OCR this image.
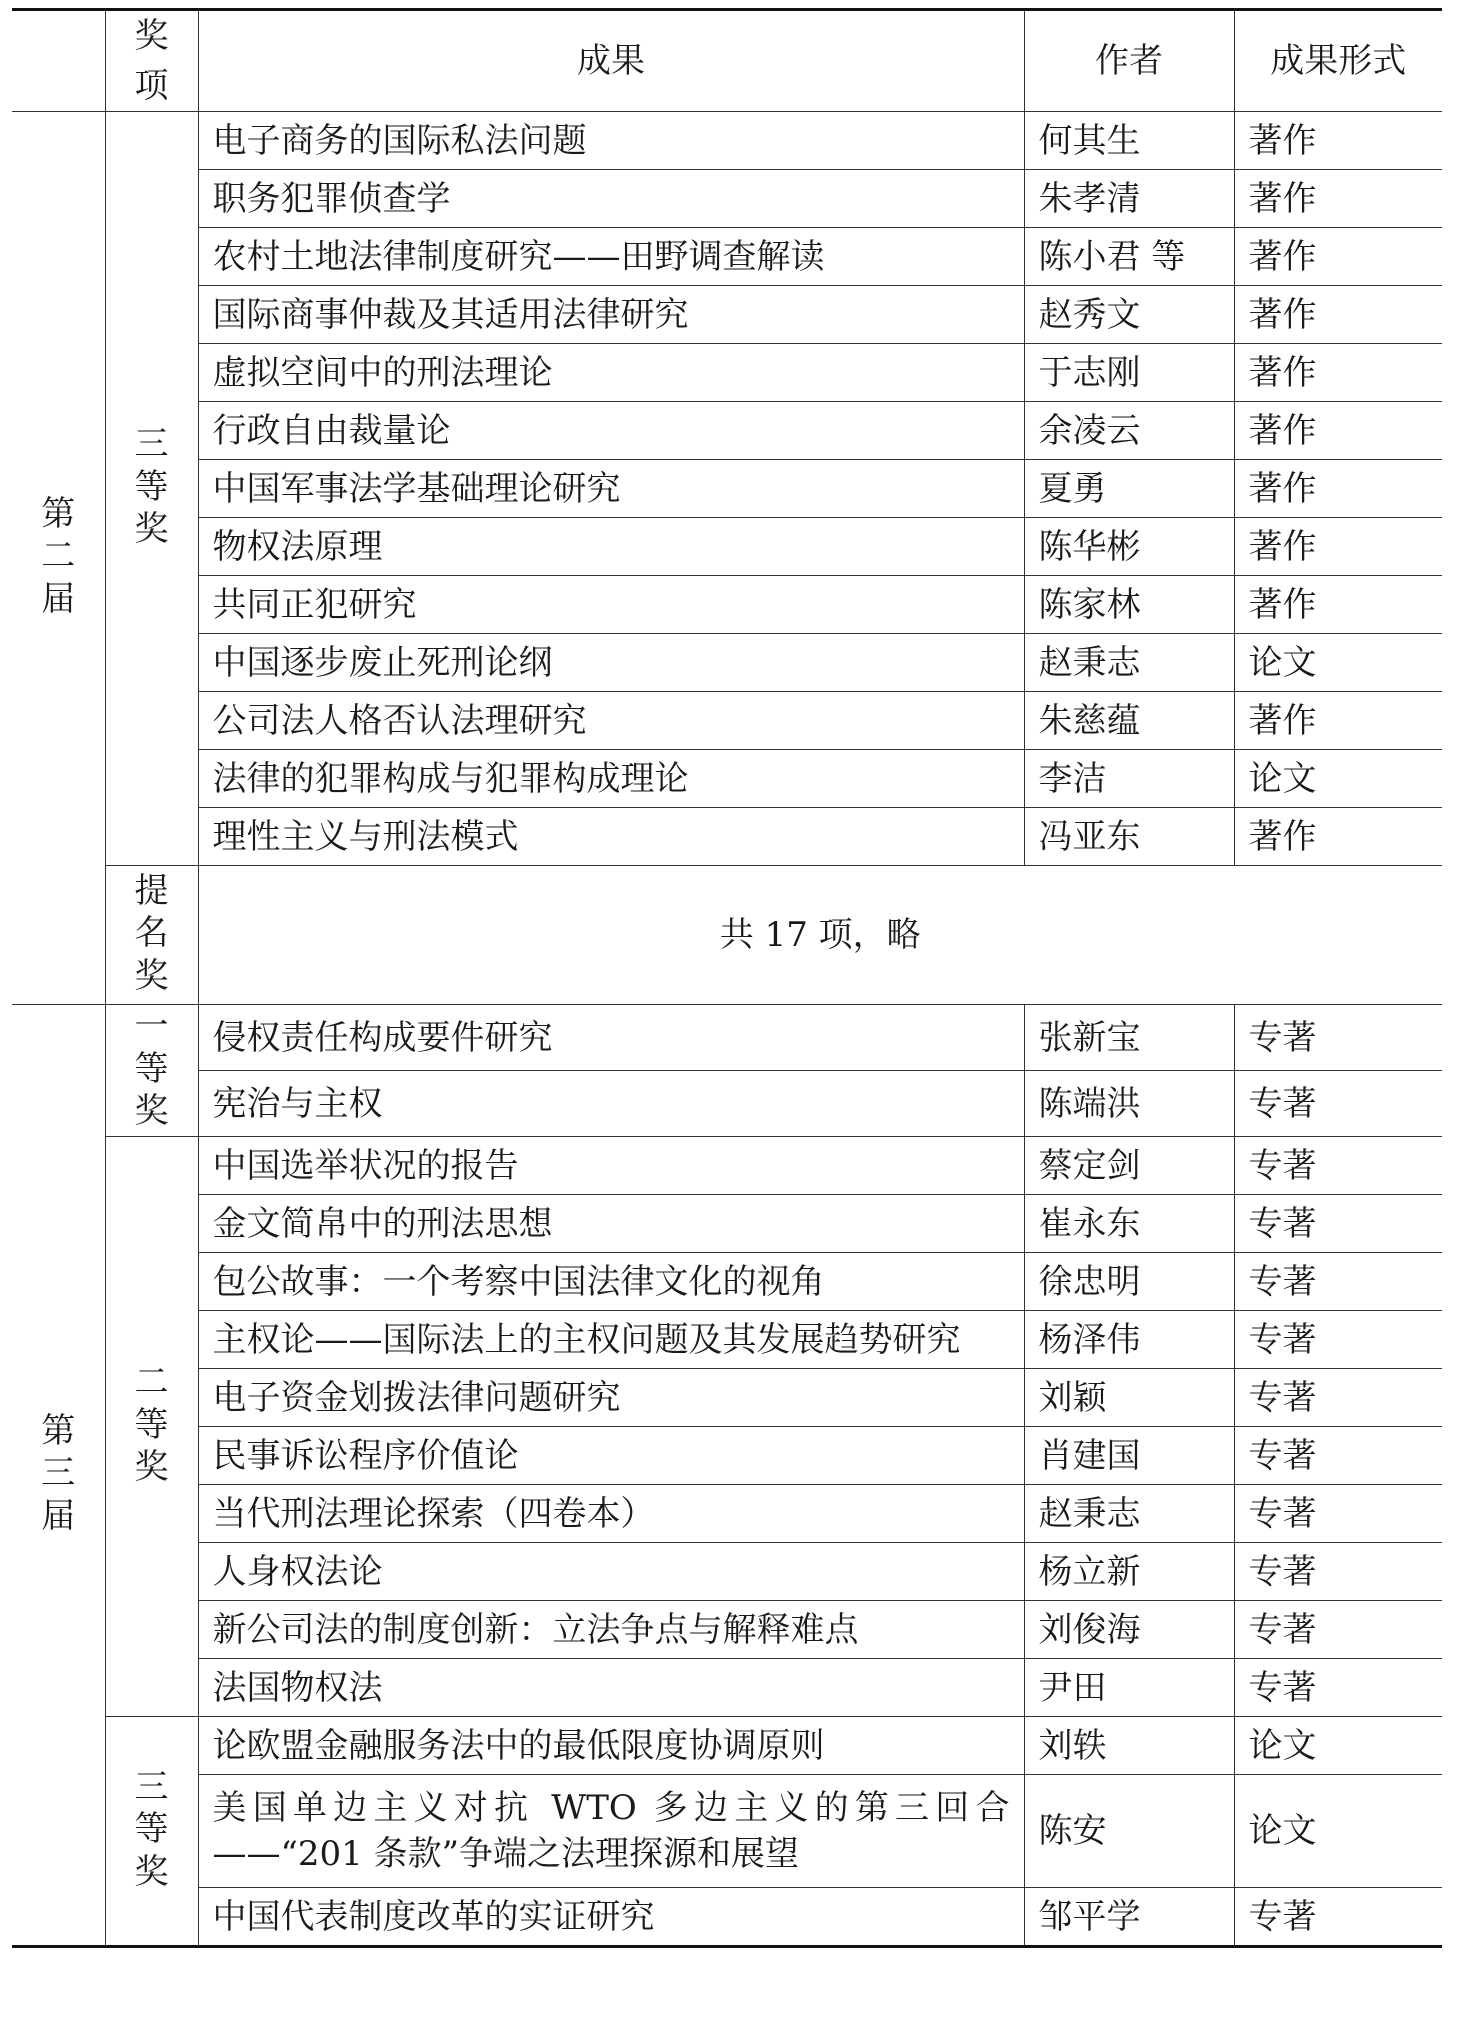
	奖项	成果	作者	成果形式
第二届	三等奖	电子商务的国际私法问题	何其生	著作
		职务犯罪侦查学	朱孝清	著作
		农村土地法律制度研究——田野调查解读	陈小君 等	著作
		国际商事仲裁及其适用法律研究	赵秀文	著作
		虚拟空间中的刑法理论	于志刚	著作
		行政自由裁量论	余凌云	著作
		中国军事法学基础理论研究	夏勇	著作
		物权法原理	陈华彬	著作
		共同正犯研究	陈家林	著作
		中国逐步废止死刑论纲	赵秉志	论文
		公司法人格否认法理研究	朱慈蕴	著作
		法律的犯罪构成与犯罪构成理论	李洁	论文
		理性主义与刑法模式	冯亚东	著作
	提名奖	共 17 项，略		
第三届	一等奖	侵权责任构成要件研究	张新宝	专著
		宪治与主权	陈端洪	专著
	二等奖	中国选举状况的报告	蔡定剑	专著
		金文简帛中的刑法思想	崔永东	专著
		包公故事：一个考察中国法律文化的视角	徐忠明	专著
		主权论——国际法上的主权问题及其发展趋势研究	杨泽伟	专著
		电子资金划拨法律问题研究	刘颖	专著
		民事诉讼程序价值论	肖建国	专著
		当代刑法理论探索（四卷本）	赵秉志	专著
		人身权法论	杨立新	专著
		新公司法的制度创新：立法争点与解释难点	刘俊海	专著
		法国物权法	尹田	专著
	三等奖	论欧盟金融服务法中的最低限度协调原则	刘轶	论文
		美国单边主义对抗 WTO 多边主义的第三回合——“201 条款”争端之法理探源和展望	陈安	论文
		中国代表制度改革的实证研究	邹平学	专著
